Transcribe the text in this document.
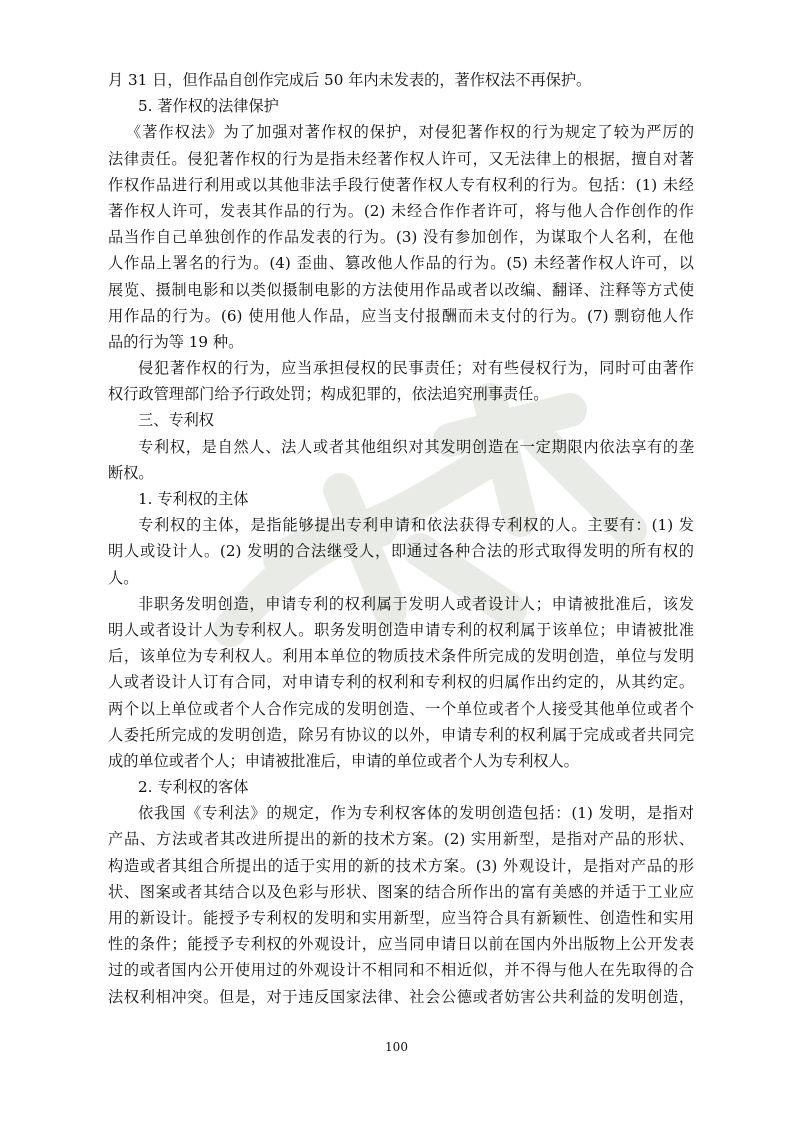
月 31 日，但作品自创作完成后 50 年内未发表的，著作权法不再保护。
5. 著作权的法律保护
《著作权法》为了加强对著作权的保护，对侵犯著作权的行为规定了较为严厉的
法律责任。侵犯著作权的行为是指未经著作权人许可，又无法律上的根据，擅自对著
作权作品进行利用或以其他非法手段行使著作权人专有权利的行为。包括：(1) 未经
著作权人许可，发表其作品的行为。(2) 未经合作作者许可，将与他人合作创作的作
品当作自己单独创作的作品发表的行为。(3) 没有参加创作，为谋取个人名利，在他
人作品上署名的行为。(4) 歪曲、篡改他人作品的行为。(5) 未经著作权人许可，以
展览、摄制电影和以类似摄制电影的方法使用作品或者以改编、翻译、注释等方式使
用作品的行为。(6) 使用他人作品，应当支付报酬而未支付的行为。(7) 剽窃他人作
品的行为等 19 种。
侵犯著作权的行为，应当承担侵权的民事责任；对有些侵权行为，同时可由著作
权行政管理部门给予行政处罚；构成犯罪的，依法追究刑事责任。
三、专利权
专利权，是自然人、法人或者其他组织对其发明创造在一定期限内依法享有的垄
断权。
1. 专利权的主体
专利权的主体，是指能够提出专利申请和依法获得专利权的人。主要有：(1) 发
明人或设计人。(2) 发明的合法继受人，即通过各种合法的形式取得发明的所有权的
人。
非职务发明创造，申请专利的权利属于发明人或者设计人；申请被批准后，该发
明人或者设计人为专利权人。职务发明创造申请专利的权利属于该单位；申请被批准
后，该单位为专利权人。利用本单位的物质技术条件所完成的发明创造，单位与发明
人或者设计人订有合同，对申请专利的权利和专利权的归属作出约定的，从其约定。
两个以上单位或者个人合作完成的发明创造、一个单位或者个人接受其他单位或者个
人委托所完成的发明创造，除另有协议的以外，申请专利的权利属于完成或者共同完
成的单位或者个人；申请被批准后，申请的单位或者个人为专利权人。
2. 专利权的客体
依我国《专利法》的规定，作为专利权客体的发明创造包括：(1) 发明，是指对
产品、方法或者其改进所提出的新的技术方案。(2) 实用新型，是指对产品的形状、
构造或者其组合所提出的适于实用的新的技术方案。(3) 外观设计，是指对产品的形
状、图案或者其结合以及色彩与形状、图案的结合所作出的富有美感的并适于工业应
用的新设计。能授予专利权的发明和实用新型，应当符合具有新颖性、创造性和实用
性的条件；能授予专利权的外观设计，应当同申请日以前在国内外出版物上公开发表
过的或者国内公开使用过的外观设计不相同和不相近似，并不得与他人在先取得的合
法权利相冲突。但是，对于违反国家法律、社会公德或者妨害公共利益的发明创造，
100
